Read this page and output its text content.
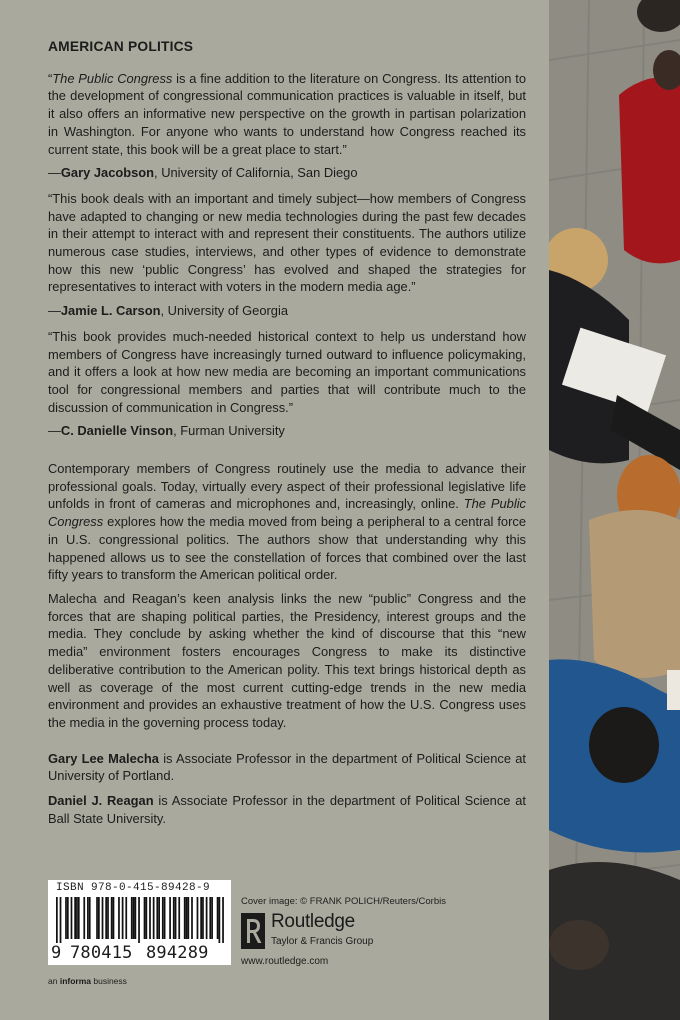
AMERICAN POLITICS
“The Public Congress is a fine addition to the literature on Congress. Its attention to the development of congressional communication practices is valuable in itself, but it also offers an informative new perspective on the growth in partisan polarization in Washington. For anyone who wants to understand how Congress reached its current state, this book will be a great place to start.”
—Gary Jacobson, University of California, San Diego
“This book deals with an important and timely subject—how members of Congress have adapted to changing or new media technologies during the past few decades in their attempt to interact with and represent their constituents. The authors utilize numerous case studies, interviews, and other types of evidence to demonstrate how this new ‘public Congress’ has evolved and shaped the strategies for representatives to interact with voters in the modern media age.”
—Jamie L. Carson, University of Georgia
“This book provides much-needed historical context to help us understand how members of Congress have increasingly turned outward to influence policymaking, and it offers a look at how new media are becoming an important communications tool for congressional members and parties that will contribute much to the discussion of communication in Congress.”
—C. Danielle Vinson, Furman University
Contemporary members of Congress routinely use the media to advance their professional goals. Today, virtually every aspect of their professional legislative life unfolds in front of cameras and microphones and, increasingly, online. The Public Congress explores how the media moved from being a peripheral to a central force in U.S. congressional politics. The authors show that understanding why this happened allows us to see the constellation of forces that combined over the last fifty years to transform the American political order.
Malecha and Reagan’s keen analysis links the new “public” Congress and the forces that are shaping political parties, the Presidency, interest groups and the media. They conclude by asking whether the kind of discourse that this “new media” environment fosters encourages Congress to make its distinctive deliberative contribution to the American polity. This text brings historical depth as well as coverage of the most current cutting-edge trends in the new media environment and provides an exhaustive treatment of how the U.S. Congress uses the media in the governing process today.
Gary Lee Malecha is Associate Professor in the department of Political Science at University of Portland.
Daniel J. Reagan is Associate Professor in the department of Political Science at Ball State University.
ISBN 978-0-415-89428-9
9 780415 894289
Cover image: © FRANK POLICH/Reuters/Corbis
Routledge
Taylor & Francis Group
www.routledge.com
an informa business
